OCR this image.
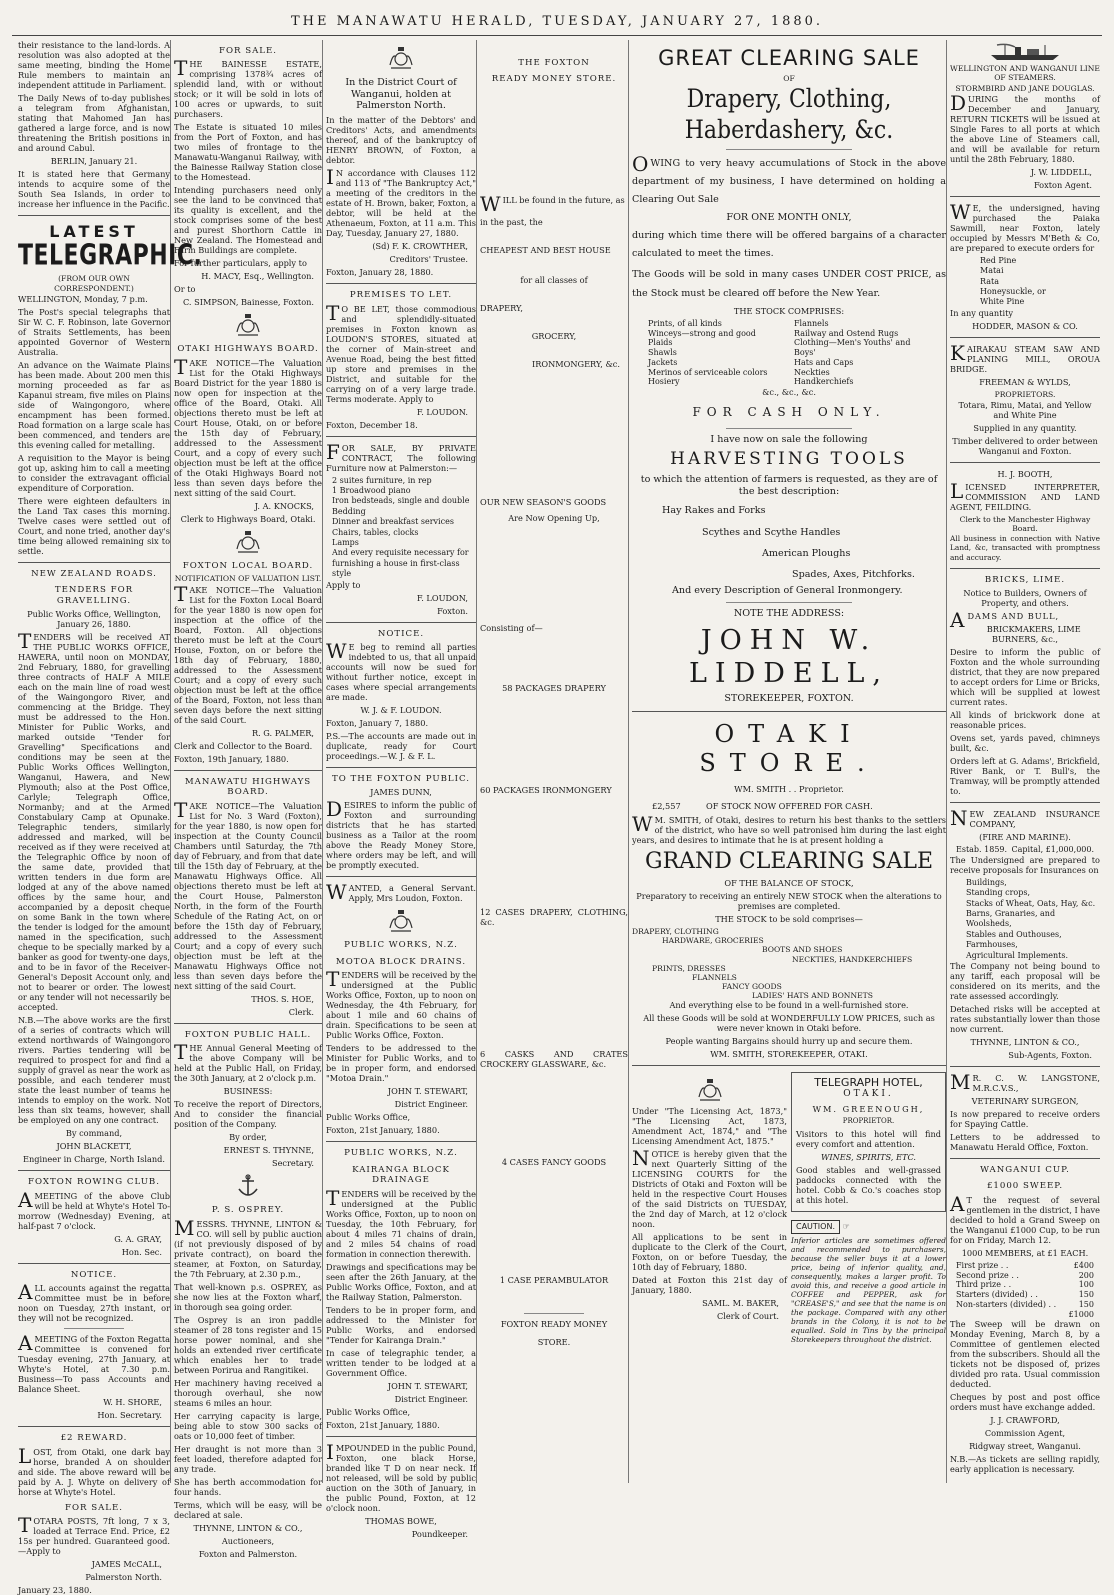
THE MANAWATU HERALD, TUESDAY, JANUARY 27, 1880.

their resistance to the land-lords. A resolution was also adopted at the same meeting, binding the Home Rule members to maintain an independent attitude in Parliament.

The Daily News of to-day publishes a telegram from Afghanistan, stating that Mahomed Jan has gathered a large force, and is now threatening the British positions in and around Cabul.

BERLIN, January 21.

It is stated here that Germany intends to acquire some of the South Sea Islands, in order to increase her influence in the Pacific.

LATEST
TELEGRAPHIC.

(FROM OUR OWN CORRESPONDENT.)

WELLINGTON, Monday, 7 p.m.

The Post's special telegraphs that Sir W. C. F. Robinson, late Governor of Straits Settlements, has been appointed Governor of Western Australia.

An advance on the Waimate Plains has been made. About 200 men this morning proceeded as far as Kapanui stream, five miles on Plains side of Waingongoro, where encampment has been formed. Road formation on a large scale has been commenced, and tenders are this evening called for metalling.

A requisition to the Mayor is being got up, asking him to call a meeting to consider the extravagant official expenditure of Corporation.

There were eighteen defaulters in the Land Tax cases this morning. Twelve cases were settled out of Court, and none tried, another day's time being allowed remaining six to settle.

NEW ZEALAND ROADS.
TENDERS FOR GRAVELLING.

Public Works Office, Wellington, January 26, 1880.

TENDERS will be received AT THE PUBLIC WORKS OFFICE, HAWERA, until noon on MONDAY, 2nd February, 1880, for gravelling three contracts of HALF A MILE each on the main line of road west of the Waingongoro River, and commencing at the Bridge. They must be addressed to the Hon. Minister for Public Works, and marked outside "Tender for Gravelling" Specifications and conditions may be seen at the Public Works Offices Wellington, Wanganui, Hawera, and New Plymouth; also at the Post Office, Carlyle; Telegraph Office, Normanby; and at the Armed Constabulary Camp at Opunake. Telegraphic tenders, similarly addressed and marked, will be received as if they were received at the Telegraphic Office by noon of the same date, provided that written tenders in due form are lodged at any of the above named offices by the same hour, and accompanied by a deposit cheque on some Bank in the town where the tender is lodged for the amount named in the specification, such cheque to be specially marked by a banker as good for twenty-one days, and to be in favor of the Receiver-General's Deposit Account only, and not to bearer or order. The lowest or any tender will not necessarily be accepted.

N.B.—The above works are the first of a series of contracts which will extend northwards of Waingongoro rivers. Parties tendering will be required to prospect for and find a supply of gravel as near the work as possible, and each tenderer must state the least number of teams he intends to employ on the work. Not less than six teams, however, shall be employed on any one contract.

By command,

JOHN BLACKETT,

Engineer in Charge, North Island.

FOXTON ROWING CLUB.

AMEETING of the above Club will be held at Whyte's Hotel To-morrow (Wednesday) Evening, at half-past 7 o'clock.

G. A. GRAY,

Hon. Sec.

NOTICE.

ALL accounts against the regatta Committee must be in before noon on Tuesday, 27th instant, or they will not be recognized.

AMEETING of the Foxton Regatta Committee is convened for Tuesday evening, 27th January, at Whyte's Hotel, at 7.30 p.m. Business—To pass Accounts and Balance Sheet.

W. H. SHORE,

Hon. Secretary.

£2 REWARD.

LOST, from Otaki, one dark bay horse, branded A on shoulder and side. The above reward will be paid by A. J. Whyte on delivery of horse at Whyte's Hotel.

FOR SALE.

TOTARA POSTS, 7ft long, 7 x 3, loaded at Terrace End. Price, £2 15s per hundred. Guaranteed good.—Apply to

JAMES McCALL,

Palmerston North.

January 23, 1880.

FOR SALE.

THE BAINESSE ESTATE, comprising 1378¾ acres of splendid land, with or without stock; or it will be sold in lots of 100 acres or upwards, to suit purchasers.

The Estate is situated 10 miles from the Port of Foxton, and has two miles of frontage to the Manawatu-Wanganui Railway, with the Bainesse Railway Station close to the Homestead.

Intending purchasers need only see the land to be convinced that its quality is excellent, and the stock comprises some of the best and purest Shorthorn Cattle in New Zealand. The Homestead and Farm Buildings are complete.

For further particulars, apply to

H. MACY, Esq., Wellington.

Or to

C. SIMPSON, Bainesse, Foxton.

OTAKI HIGHWAYS BOARD.

TAKE NOTICE—The Valuation List for the Otaki Highways Board District for the year 1880 is now open for inspection at the office of the Board, Otaki. All objections thereto must be left at Court House, Otaki, on or before the 15th day of February, addressed to the Assessment Court, and a copy of every such objection must be left at the office of the Otaki Highways Board not less than seven days before the next sitting of the said Court.

J. A. KNOCKS,

Clerk to Highways Board, Otaki.

FOXTON LOCAL BOARD.
NOTIFICATION OF VALUATION LIST.

TAKE NOTICE—The Valuation List for the Foxton Local Board for the year 1880 is now open for inspection at the office of the Board, Foxton. All objections thereto must be left at the Court House, Foxton, on or before the 18th day of February, 1880, addressed to the Assessment Court; and a copy of every such objection must be left at the office of the Board, Foxton, not less than seven days before the next sitting of the said Court.

R. G. PALMER,

Clerk and Collector to the Board.

Foxton, 19th January, 1880.

MANAWATU HIGHWAYS BOARD.

TAKE NOTICE—The Valuation List for No. 3 Ward (Foxton), for the year 1880, is now open for inspection at the County Council Chambers until Saturday, the 7th day of February, and from that date till the 15th day of February, at the Manawatu Highways Office. All objections thereto must be left at the Court House, Palmerston North, in the form of the Fourth Schedule of the Rating Act, on or before the 15th day of February, addressed to the Assessment Court; and a copy of every such objection must be left at the Manawatu Highways Office not less than seven days before the next sitting of the said Court.

THOS. S. HOE,

Clerk.

FOXTON PUBLIC HALL.

THE Annual General Meeting of the above Company will be held at the Public Hall, on Friday, the 30th January, at 2 o'clock p.m.

BUSINESS:

To receive the report of Directors, And to consider the financial position of the Company.

By order,

ERNEST S. THYNNE,

Secretary.

P. S. OSPREY.

MESSRS. THYNNE, LINTON & CO. will sell by public auction (if not previously disposed of by private contract), on board the steamer, at Foxton, on Saturday, the 7th February, at 2.30 p.m.,

That well-known p.s. OSPREY, as she now lies at the Foxton wharf, in thorough sea going order.

The Osprey is an iron paddle steamer of 28 tons register and 15 horse power nominal, and she holds an extended river certificate which enables her to trade between Porirua and Rangitikei.

Her machinery having received a thorough overhaul, she now steams 6 miles an hour.

Her carrying capacity is large, being able to stow 300 sacks of oats or 10,000 feet of timber.

Her draught is not more than 3 feet loaded, therefore adapted for any trade.

She has berth accommodation for four hands.

Terms, which will be easy, will be declared at sale.

THYNNE, LINTON & CO.,

Auctioneers,

Foxton and Palmerston.

In the District Court of Wanganui, holden at Palmerston North.

In the matter of the Debtors' and Creditors' Acts, and amendments thereof, and of the bankruptcy of HENRY BROWN, of Foxton, a debtor.

IN accordance with Clauses 112 and 113 of "The Bankruptcy Act," a meeting of the creditors in the estate of H. Brown, baker, Foxton, a debtor, will be held at the Athenaeum, Foxton, at 11 a.m. This Day, Tuesday, January 27, 1880.

(Sd) F. K. CROWTHER,

Creditors' Trustee.

Foxton, January 28, 1880.

PREMISES TO LET.

TO BE LET, those commodious and splendidly-situated premises in Foxton known as LOUDON'S STORES, situated at the corner of Main-street and Avenue Road, being the best fitted up store and premises in the District, and suitable for the carrying on of a very large trade. Terms moderate. Apply to

F. LOUDON.

Foxton, December 18.

FOR SALE, BY PRIVATE CONTRACT, The following Furniture now at Palmerston:—

2 suites furniture, in rep
1 Broadwood piano
Iron bedsteads, single and double
Bedding
Dinner and breakfast services
Chairs, tables, clocks
Lamps
And every requisite necessary for furnishing a house in first-class style

Apply to

F. LOUDON,

Foxton.

NOTICE.

WE beg to remind all parties indebted to us, that all unpaid accounts will now be sued for without further notice, except in cases where special arrangements are made.

W. J. & F. LOUDON.

Foxton, January 7, 1880.

P.S.—The accounts are made out in duplicate, ready for Court proceedings.—W. J. & F. L.

TO THE FOXTON PUBLIC.

JAMES DUNN,

DESIRES to inform the public of Foxton and surrounding districts that he has started business as a Tailor at the room above the Ready Money Store, where orders may be left, and will be promptly executed.

WANTED, a General Servant. Apply, Mrs Loudon, Foxton.

PUBLIC WORKS, N.Z.
MOTOA BLOCK DRAINS.

TENDERS will be received by the undersigned at the Public Works Office, Foxton, up to noon on Wednesday, the 4th February, for about 1 mile and 60 chains of drain. Specifications to be seen at Public Works Office, Foxton.

Tenders to be addressed to the Minister for Public Works, and to be in proper form, and endorsed "Motoa Drain."

JOHN T. STEWART,

District Engineer.

Public Works Office,

Foxton, 21st January, 1880.

PUBLIC WORKS, N.Z.
KAIRANGA BLOCK DRAINAGE

TENDERS will be received by the undersigned at the Public Works Office, Foxton, up to noon on Tuesday, the 10th February, for about 4 miles 71 chains of drain, and 2 miles 54 chains of road formation in connection therewith.

Drawings and specifications may be seen after the 26th January, at the Public Works Office, Foxton, and at the Railway Station, Palmerston.

Tenders to be in proper form, and addressed to the Minister for Public Works, and endorsed "Tender for Kairanga Drain."

In case of telegraphic tender, a written tender to be lodged at a Government Office.

JOHN T. STEWART,

District Engineer.

Public Works Office,

Foxton, 21st January, 1880.

IMPOUNDED in the public Pound, Foxton, one black Horse, branded like T D on near neck. If not released, will be sold by public auction on the 30th of January, in the public Pound, Foxton, at 12 o'clock noon.

THOMAS BOWE,

Poundkeeper.

THE FOXTON
READY MONEY STORE.

WILL be found in the future, as

in the past, the

CHEAPEST AND BEST HOUSE

for all classes of

DRAPERY,

GROCERY,

IRONMONGERY, &c.

OUR NEW SEASON'S GOODS

Are Now Opening Up,

Consisting of—

58 PACKAGES DRAPERY

60 PACKAGES IRONMONGERY

12 CASES DRAPERY, CLOTHING, &c.

6 CASKS AND CRATES CROCKERY GLASSWARE, &c.

4 CASES FANCY GOODS

1 CASE PERAMBULATOR

FOXTON READY MONEY

STORE.

GREAT CLEARING SALE
OF
Drapery, Clothing, Haberdashery, &c.

OWING to very heavy accumulations of Stock in the above department of my business, I have determined on holding a Clearing Out Sale

FOR ONE MONTH ONLY,

during which time there will be offered bargains of a character calculated to meet the times.

The Goods will be sold in many cases UNDER COST PRICE, as the Stock must be cleared off before the New Year.

THE STOCK COMPRISES:

Prints, of all kinds
Winceys—strong and good
Plaids
Shawls
Jackets
Merinos of serviceable colors
Hosiery
Flannels
Railway and Ostend Rugs
Clothing—Men's Youths' and Boys'
Hats and Caps
Neckties
Handkerchiefs

&c., &c., &c.

FOR CASH ONLY.

I have now on sale the following

HARVESTING TOOLS

to which the attention of farmers is requested, as they are of the best description:

Hay Rakes and Forks
Scythes and Scythe Handles
American Ploughs
Spades, Axes, Pitchforks.

And every Description of General Ironmongery.

NOTE THE ADDRESS:

JOHN W. LIDDELL,

STOREKEEPER, FOXTON.

OTAKI STORE.

WM. SMITH . . Proprietor.

£2,557	OF STOCK NOW OFFERED FOR CASH.

WM. SMITH, of Otaki, desires to return his best thanks to the settlers of the district, who have so well patronised him during the last eight years, and desires to intimate that he is at present holding a

GRAND CLEARING SALE

OF THE BALANCE OF STOCK,

Preparatory to receiving an entirely NEW STOCK when the alterations to premises are completed.

THE STOCK to be sold comprises—

DRAPERY, CLOTHING
HARDWARE, GROCERIES
BOOTS AND SHOES
NECKTIES, HANDKERCHIEFS
PRINTS, DRESSES
FLANNELS
FANCY GOODS
LADIES' HATS AND BONNETS

And everything else to be found in a well-furnished store.

All these Goods will be sold at WONDERFULLY LOW PRICES, such as were never known in Otaki before.

People wanting Bargains should hurry up and secure them.

WM. SMITH, STOREKEEPER, OTAKI.

Under "The Licensing Act, 1873," "The Licensing Act, 1873, Amendment Act, 1874," and "The Licensing Amendment Act, 1875."

NOTICE is hereby given that the next Quarterly Sitting of the LICENSING COURTS for the Districts of Otaki and Foxton will be held in the respective Court Houses of the said Districts on TUESDAY, the 2nd day of March, at 12 o'clock noon.

All applications to be sent in duplicate to the Clerk of the Court, Foxton, on or before Tuesday, the 10th day of February, 1880.

Dated at Foxton this 21st day of January, 1880.

SAML. M. BAKER,

Clerk of Court.

TELEGRAPH HOTEL,
OTAKI.

WM. GREENOUGH,

PROPRIETOR.

Visitors to this hotel will find every comfort and attention.

WINES, SPIRITS, ETC.

Good stables and well-grassed paddocks connected with the hotel. Cobb & Co.'s coaches stop at this hotel.

CAUTION. ☞

Inferior articles are sometimes offered and recommended to purchasers, because the seller buys it at a lower price, being of inferior quality, and, consequently, makes a larger profit. To avoid this, and receive a good article in COFFEE and PEPPER, ask for "CREASE'S," and see that the name is on the package. Compared with any other brands in the Colony, it is not to be equalled. Sold in Tins by the principal Storekeepers throughout the district.

WELLINGTON AND WANGANUI LINE OF STEAMERS.
STORMBIRD AND JANE DOUGLAS.

DURING the months of December and January, RETURN TICKETS will be issued at Single Fares to all ports at which the above Line of Steamers call, and will be available for return until the 28th February, 1880.

J. W. LIDDELL,

Foxton Agent.

WE, the undersigned, having purchased the Paiaka Sawmill, near Foxton, lately occupied by Messrs M'Beth & Co, are prepared to execute orders for

Red Pine
Matai
Rata
Honeysuckle, or
White Pine

In any quantity

HODDER, MASON & CO.

KAIRAKAU STEAM SAW AND PLANING MILL, OROUA BRIDGE.

FREEMAN & WYLDS,

PROPRIETORS.

Totara, Rimu, Matai, and Yellow and White Pine

Supplied in any quantity.

Timber delivered to order between Wanganui and Foxton.

H. J. BOOTH,

LICENSED INTERPRETER, COMMISSION AND LAND AGENT, FEILDING.

Clerk to the Manchester Highway Board.

All business in connection with Native Land, &c, transacted with promptness and accuracy.

BRICKS, LIME.

Notice to Builders, Owners of Property, and others.

ADAMS AND BULL,

BRICKMAKERS, LIME BURNERS, &c.,

Desire to inform the public of Foxton and the whole surrounding district, that they are now prepared to accept orders for Lime or Bricks, which will be supplied at lowest current rates.

All kinds of brickwork done at reasonable prices.

Ovens set, yards paved, chimneys built, &c.

Orders left at G. Adams', Brickfield, River Bank, or T. Bull's, the Tramway, will be promptly attended to.

NEW ZEALAND INSURANCE COMPANY,

(FIRE AND MARINE).

Estab. 1859. Capital, £1,000,000.

The Undersigned are prepared to receive proposals for Insurances on

Buildings,
Standing crops,
Stacks of Wheat, Oats, Hay, &c.
Barns, Granaries, and Woolsheds,
Stables and Outhouses,
Farmhouses,
Agricultural Implements.

The Company not being bound to any tariff, each proposal will be considered on its merits, and the rate assessed accordingly.

Detached risks will be accepted at rates substantially lower than those now current.

THYNNE, LINTON & CO.,

Sub-Agents, Foxton.

MR. C. W. LANGSTONE, M.R.C.V.S.,

VETERINARY SURGEON,

Is now prepared to receive orders for Spaying Cattle.

Letters to be addressed to Manawatu Herald Office, Foxton.

WANGANUI CUP.
£1000 SWEEP.

AT the request of several gentlemen in the district, I have decided to hold a Grand Sweep on the Wanganui £1000 Cup, to be run for on Friday, March 12.

1000 MEMBERS, at £1 EACH.

First prize . .	£400
Second prize . .	200
Third prize . .	100
Starters (divided) . .	150
Non-starters (divided) . .	150
£1000

The Sweep will be drawn on Monday Evening, March 8, by a Committee of gentlemen elected from the subscribers. Should all the tickets not be disposed of, prizes divided pro rata. Usual commission deducted.

Cheques by post and post office orders must have exchange added.

J. J. CRAWFORD,

Commission Agent,

Ridgway street, Wanganui.

N.B.—As tickets are selling rapidly, early application is necessary.
